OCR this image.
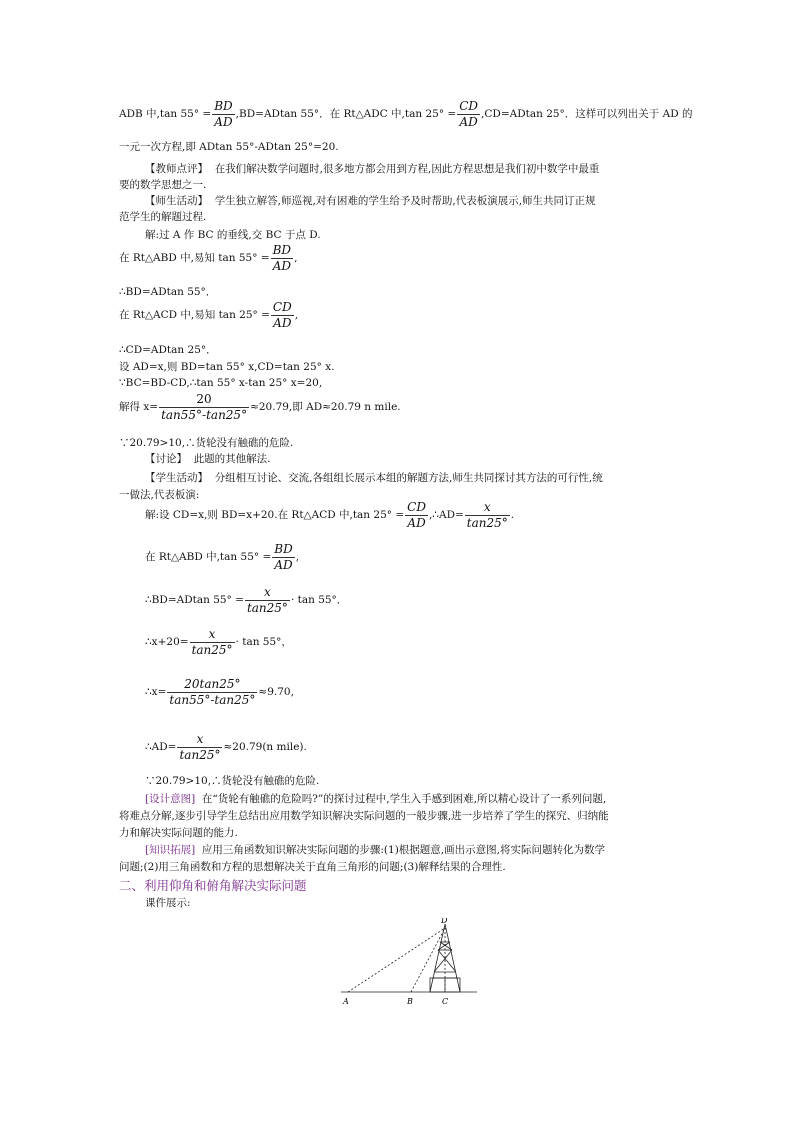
ADB 中,tan $55^\circ = \frac{BD}{AD} ,BD=ADtan$ 55°．在 Rt△ADC 中,tan $25^\circ = \frac{CD}{AD} ,CD=ADtan$ 25°．这样可以列出关于 AD 的
一元一次方程,即 ADtan 55°-ADtan 25°=20.
【教师点评】 在我们解决数学问题时,很多地方都会用到方程,因此方程思想是我们初中数学中最重
要的数学思想之一.
【师生活动】 学生独立解答,师巡视,对有困难的学生给予及时帮助,代表板演展示,师生共同订正规
范学生的解题过程.
解:过 A 作 BC 的垂线,交 BC 于点 D.
在 Rt△ABD 中,易知 $\tan 55^\circ = \frac{BD}{AD}$ ,
∴BD=ADtan 55°．
在 Rt△ACD 中,易知 $\tan 25^\circ = \frac{CD}{AD}$ ,
∴CD=ADtan 25°．
设 AD=x,则 BD=tan 55° x,CD=tan 25° x.
∵BC=BD-CD,∴tan 55° x-tan 25° x=20,
解得 $x= \frac{20}{\tan 55^\circ-\tan 25^\circ} \approx 20.79$,即 AD≈20.79 n mile.
∵20.79>10,∴货轮没有触礁的危险.
【讨论】 此题的其他解法.
【学生活动】 分组相互讨论、交流,各组组长展示本组的解题方法,师生共同探讨其方法的可行性,统
一做法,代表板演:
解:设 CD=x,则 BD=x+20.在 Rt△ACD 中,tan $25^\circ = \frac{CD}{AD}$ ,∴AD= $\frac{x}{\tan 25^\circ}$ .
在 Rt△ABD 中,tan $55^\circ = \frac{BD}{AD}$ ,
∴BD=ADtan $55^\circ = \frac{x}{\tan 25^\circ} \cdot \tan 55^\circ$．
∴x+20= $\frac{x}{\tan 25^\circ} \cdot \tan 55^\circ$，
∴x= $\frac{20\tan 25^\circ}{\tan 55^\circ-\tan 25^\circ} \approx 9.70$,
∴AD= $\frac{x}{\tan 25^\circ} \approx 20.79(n$ mile).
∵20.79>10,∴货轮没有触礁的危险.
[设计意图] 在“货轮有触礁的危险吗?”的探讨过程中,学生入手感到困难,所以精心设计了一系列问题,
将难点分解,逐步引导学生总结出应用数学知识解决实际问题的一般步骤,进一步培养了学生的探究、归纳能
力和解决实际问题的能力.
[知识拓展] 应用三角函数知识解决实际问题的步骤:(1)根据题意,画出示意图,将实际问题转化为数学
问题;(2)用三角函数和方程的思想解决关于直角三角形的问题;(3)解释结果的合理性.
二、利用仰角和俯角解决实际问题
课件展示:
A	B	C
D
